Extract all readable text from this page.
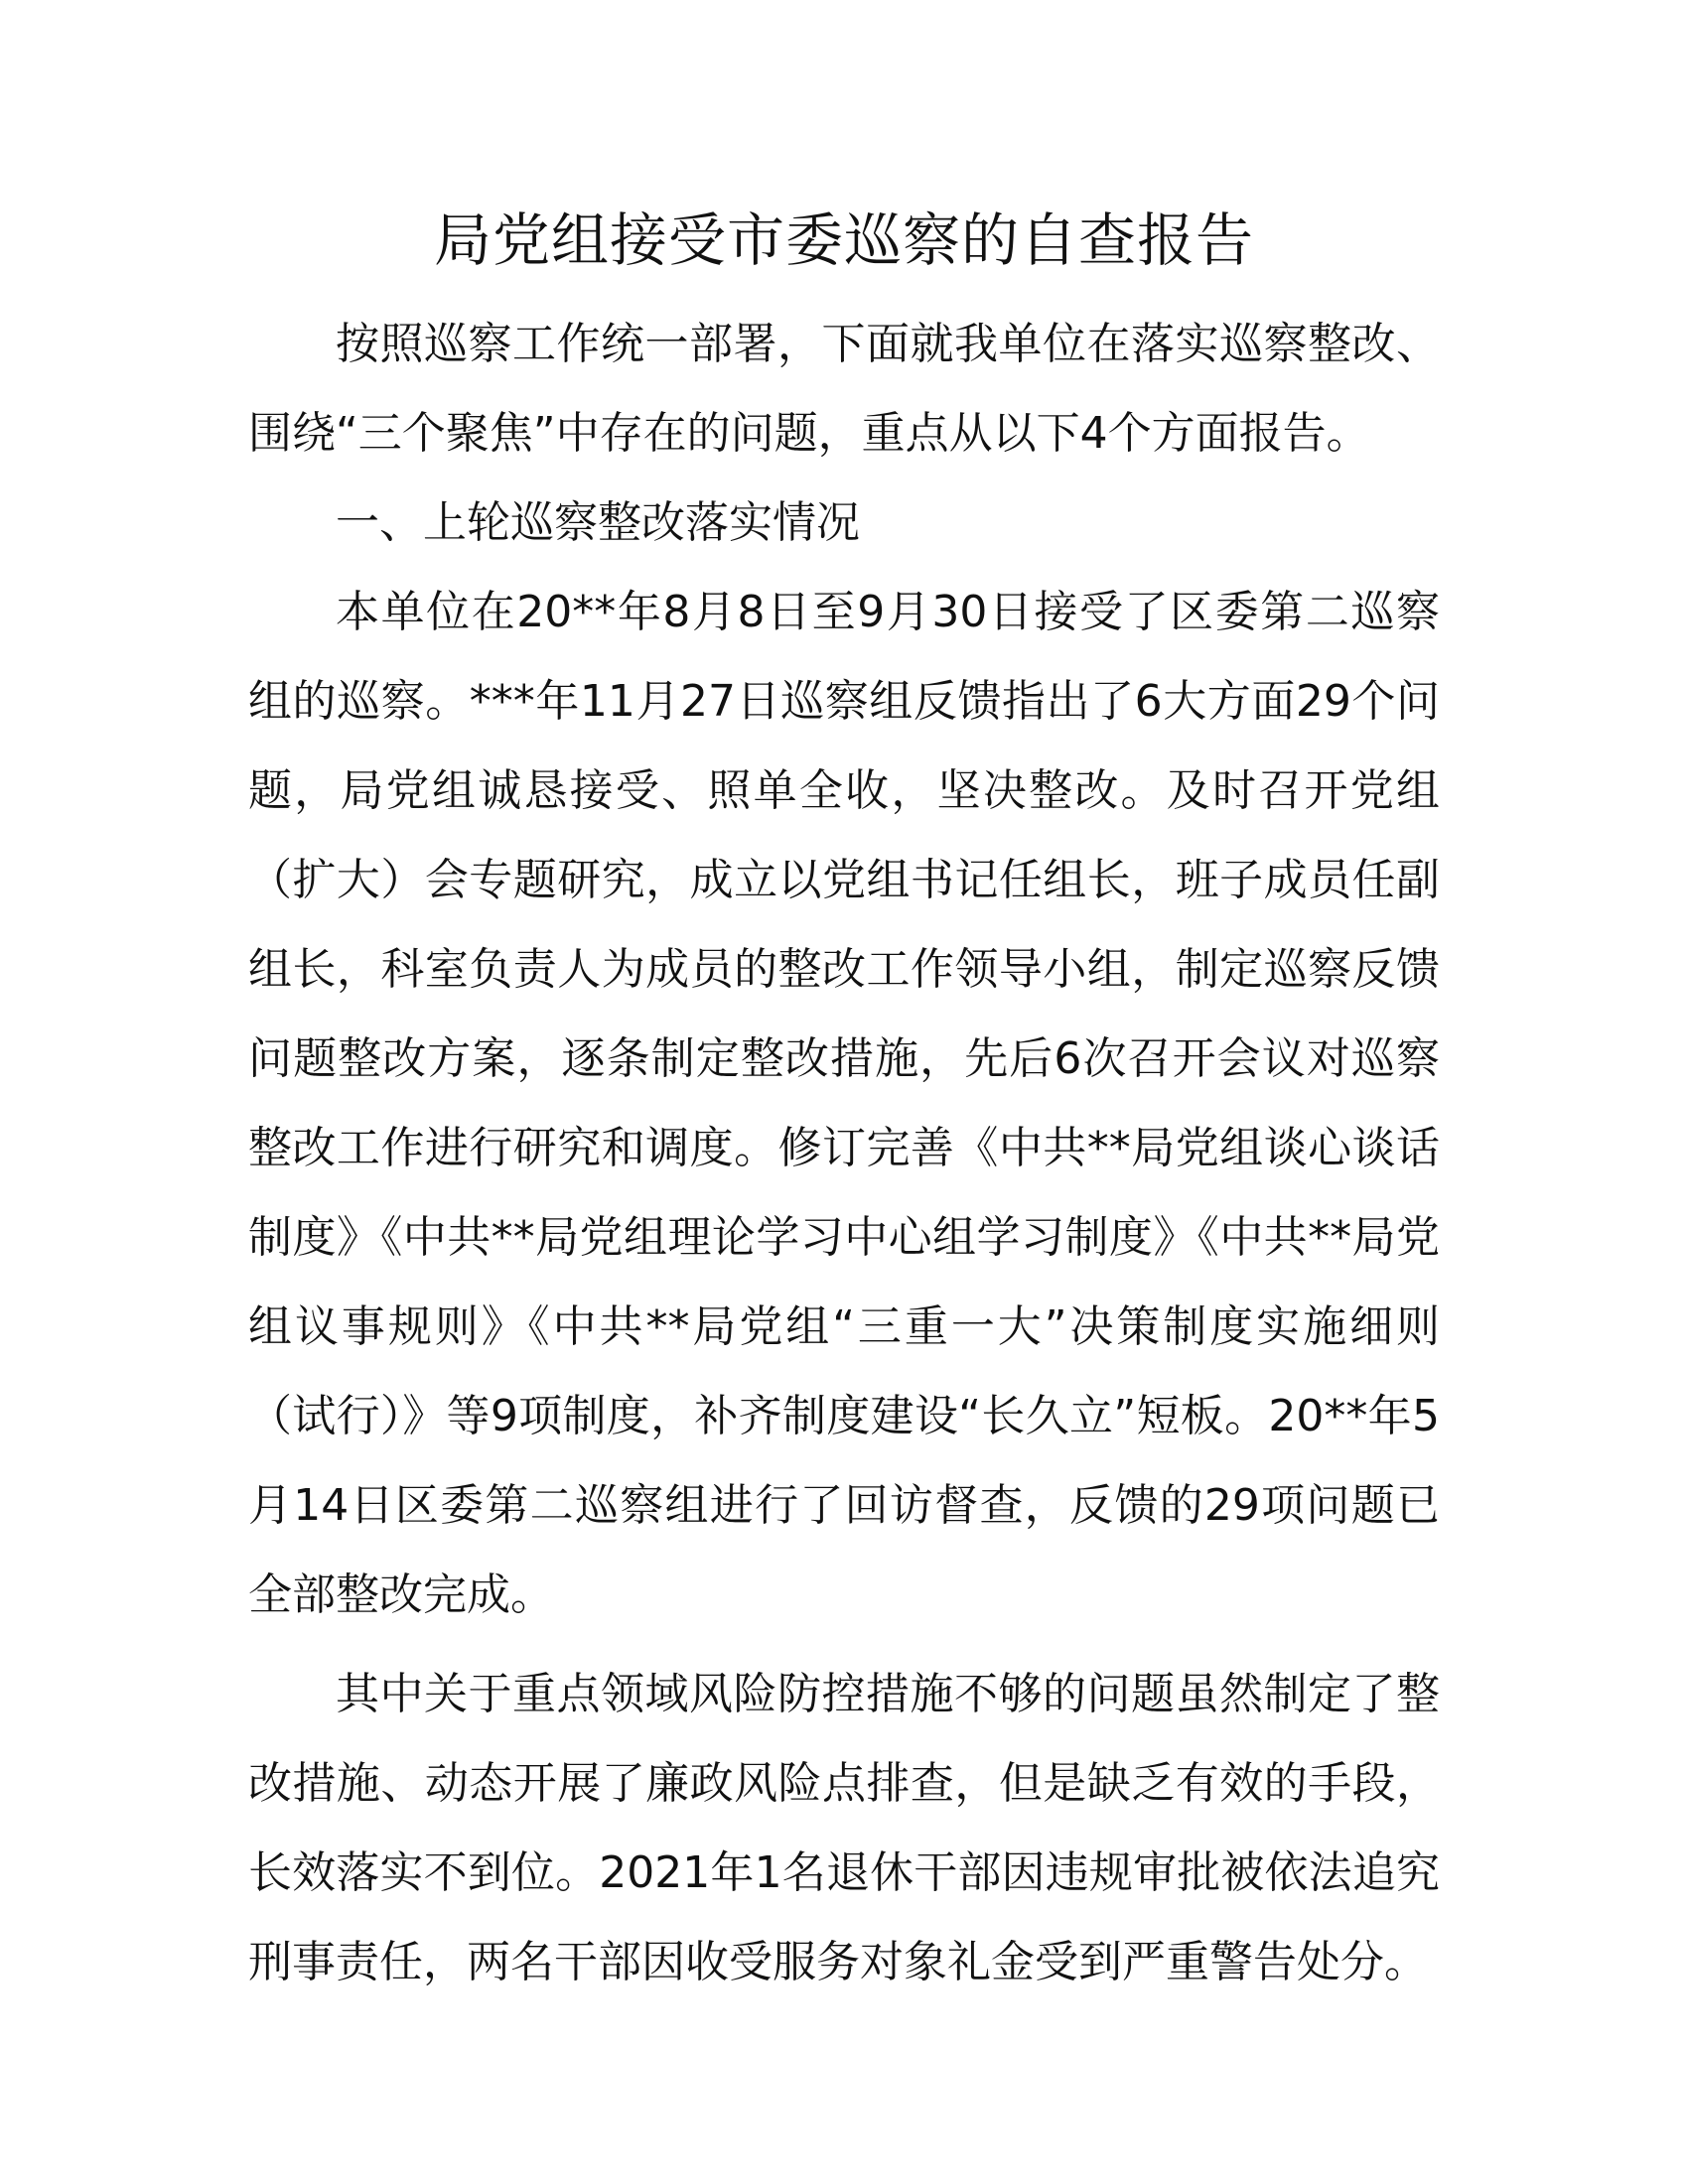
局党组接受市委巡察的自查报告

按照巡察工作统一部署，下面就我单位在落实巡察整改、围绕“三个聚焦”中存在的问题，重点从以下4个方面报告。

一、上轮巡察整改落实情况

本单位在20**年8月8日至9月30日接受了区委第二巡察组的巡察。***年11月27日巡察组反馈指出了6大方面29个问题，局党组诚恳接受、照单全收，坚决整改。及时召开党组（扩大）会专题研究，成立以党组书记任组长，班子成员任副组长，科室负责人为成员的整改工作领导小组，制定巡察反馈问题整改方案，逐条制定整改措施，先后6次召开会议对巡察整改工作进行研究和调度。修订完善《中共**局党组谈心谈话制度》《中共**局党组理论学习中心组学习制度》《中共**局党组议事规则》《中共**局党组“三重一大”决策制度实施细则（试行）》等9项制度，补齐制度建设“长久立”短板。20**年5月14日区委第二巡察组进行了回访督查，反馈的29项问题已全部整改完成。

其中关于重点领域风险防控措施不够的问题虽然制定了整改措施、动态开展了廉政风险点排查，但是缺乏有效的手段，长效落实不到位。2021年1名退休干部因违规审批被依法追究刑事责任，两名干部因收受服务对象礼金受到严重警告处分。
